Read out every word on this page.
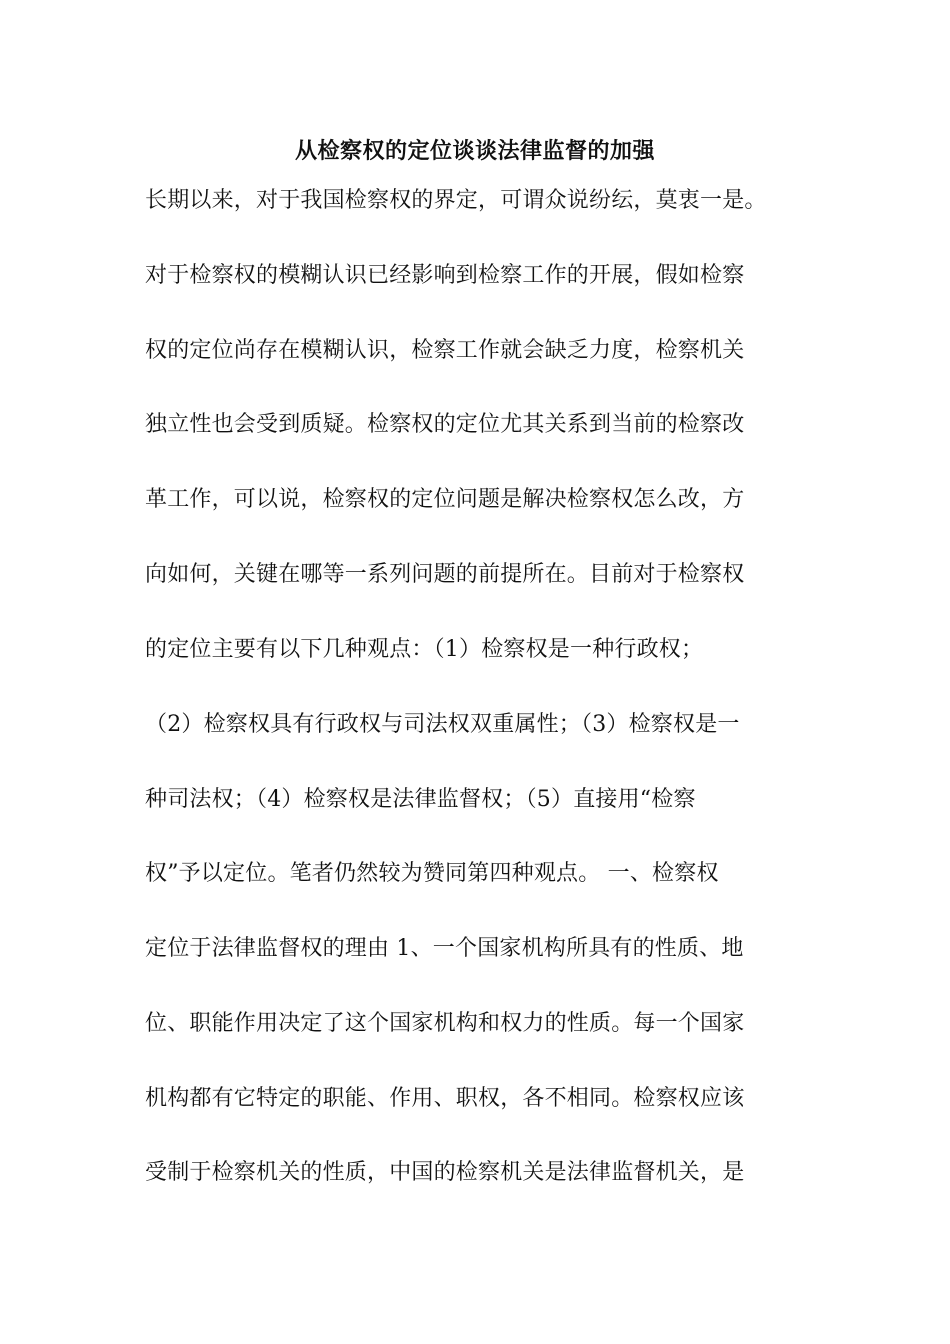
从检察权的定位谈谈法律监督的加强
长期以来，对于我国检察权的界定，可谓众说纷纭，莫衷一是。
对于检察权的模糊认识已经影响到检察工作的开展，假如检察
权的定位尚存在模糊认识，检察工作就会缺乏力度，检察机关
独立性也会受到质疑。检察权的定位尤其关系到当前的检察改
革工作，可以说，检察权的定位问题是解决检察权怎么改，方
向如何，关键在哪等一系列问题的前提所在。目前对于检察权
的定位主要有以下几种观点：（1）检察权是一种行政权；
（2）检察权具有行政权与司法权双重属性；（3）检察权是一
种司法权；（4）检察权是法律监督权；（5）直接用“检察
权”予以定位。笔者仍然较为赞同第四种观点。 一、检察权
定位于法律监督权的理由 1、一个国家机构所具有的性质、地
位、职能作用决定了这个国家机构和权力的性质。每一个国家
机构都有它特定的职能、作用、职权，各不相同。检察权应该
受制于检察机关的性质，中国的检察机关是法律监督机关，是
